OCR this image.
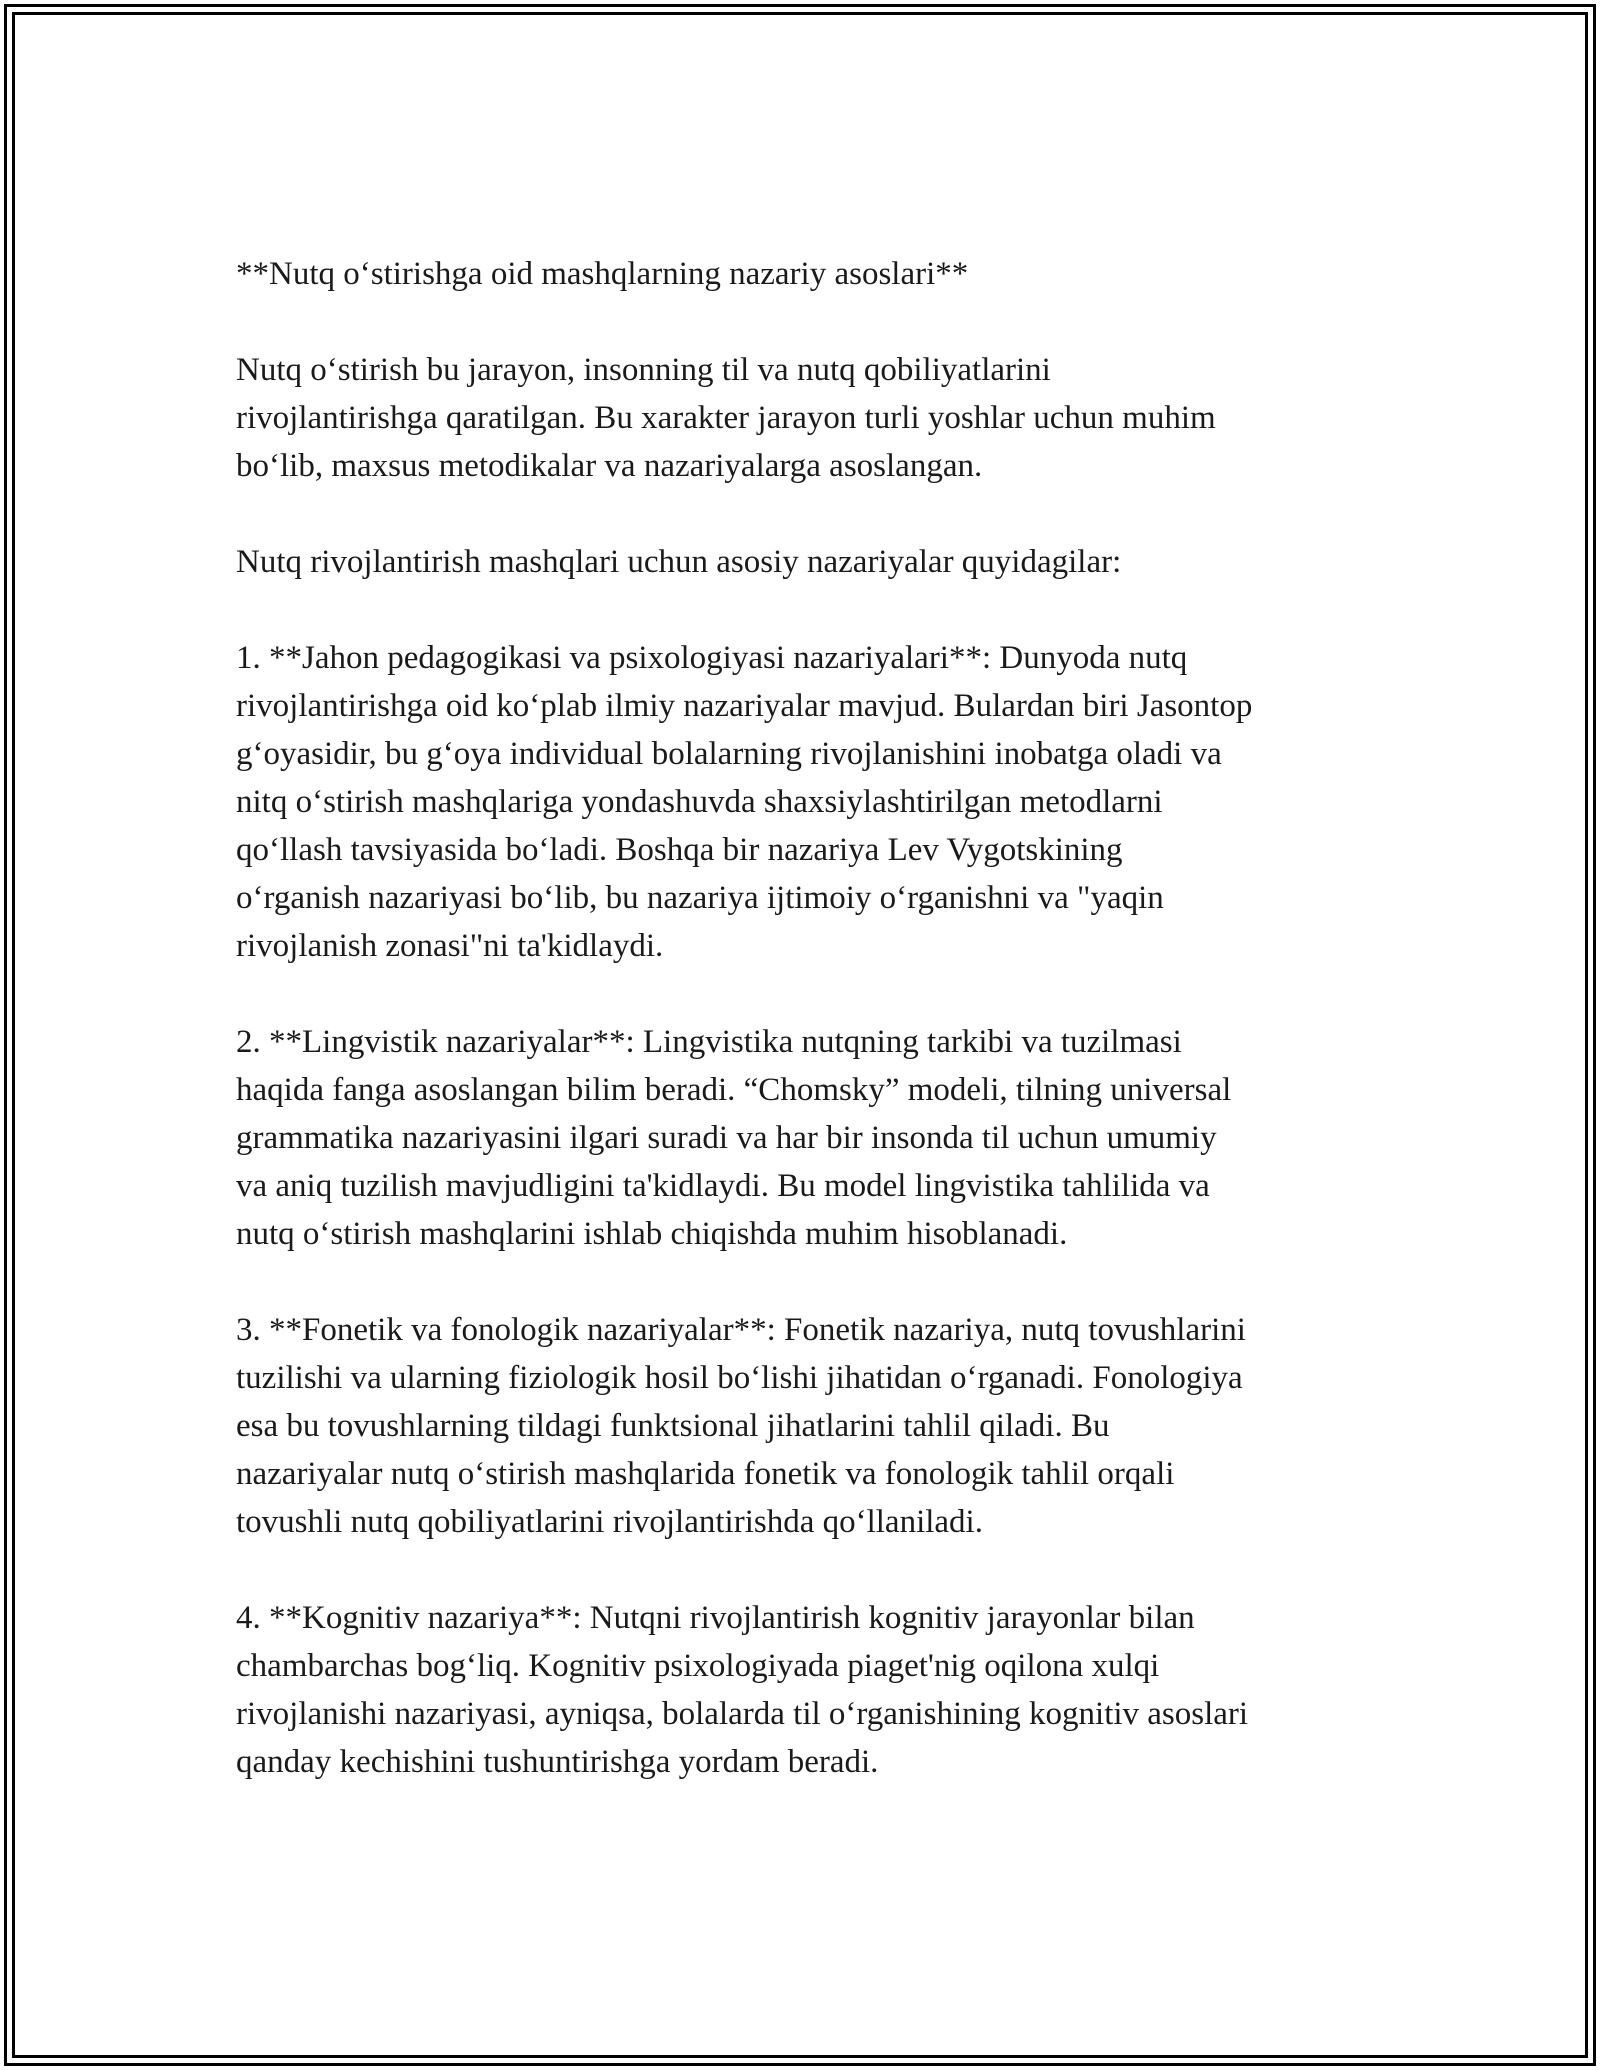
**Nutq o‘stirishga oid mashqlarning nazariy asoslari**

Nutq o‘stirish bu jarayon, insonning til va nutq qobiliyatlarini
rivojlantirishga qaratilgan. Bu xarakter jarayon turli yoshlar uchun muhim
bo‘lib, maxsus metodikalar va nazariyalarga asoslangan.

Nutq rivojlantirish mashqlari uchun asosiy nazariyalar quyidagilar:

1. **Jahon pedagogikasi va psixologiyasi nazariyalari**: Dunyoda nutq
rivojlantirishga oid ko‘plab ilmiy nazariyalar mavjud. Bulardan biri Jasontop
g‘oyasidir, bu g‘oya individual bolalarning rivojlanishini inobatga oladi va
nitq o‘stirish mashqlariga yondashuvda shaxsiylashtirilgan metodlarni
qo‘llash tavsiyasida bo‘ladi. Boshqa bir nazariya Lev Vygotskining
o‘rganish nazariyasi bo‘lib, bu nazariya ijtimoiy o‘rganishni va "yaqin
rivojlanish zonasi"ni ta'kidlaydi.

2. **Lingvistik nazariyalar**: Lingvistika nutqning tarkibi va tuzilmasi
haqida fanga asoslangan bilim beradi. “Chomsky” modeli, tilning universal
grammatika nazariyasini ilgari suradi va har bir insonda til uchun umumiy
va aniq tuzilish mavjudligini ta'kidlaydi. Bu model lingvistika tahlilida va
nutq o‘stirish mashqlarini ishlab chiqishda muhim hisoblanadi.

3. **Fonetik va fonologik nazariyalar**: Fonetik nazariya, nutq tovushlarini
tuzilishi va ularning fiziologik hosil bo‘lishi jihatidan o‘rganadi. Fonologiya
esa bu tovushlarning tildagi funktsional jihatlarini tahlil qiladi. Bu
nazariyalar nutq o‘stirish mashqlarida fonetik va fonologik tahlil orqali
tovushli nutq qobiliyatlarini rivojlantirishda qo‘llaniladi.

4. **Kognitiv nazariya**: Nutqni rivojlantirish kognitiv jarayonlar bilan
chambarchas bog‘liq. Kognitiv psixologiyada piaget'nig oqilona xulqi
rivojlanishi nazariyasi, ayniqsa, bolalarda til o‘rganishining kognitiv asoslari
qanday kechishini tushuntirishga yordam beradi.
